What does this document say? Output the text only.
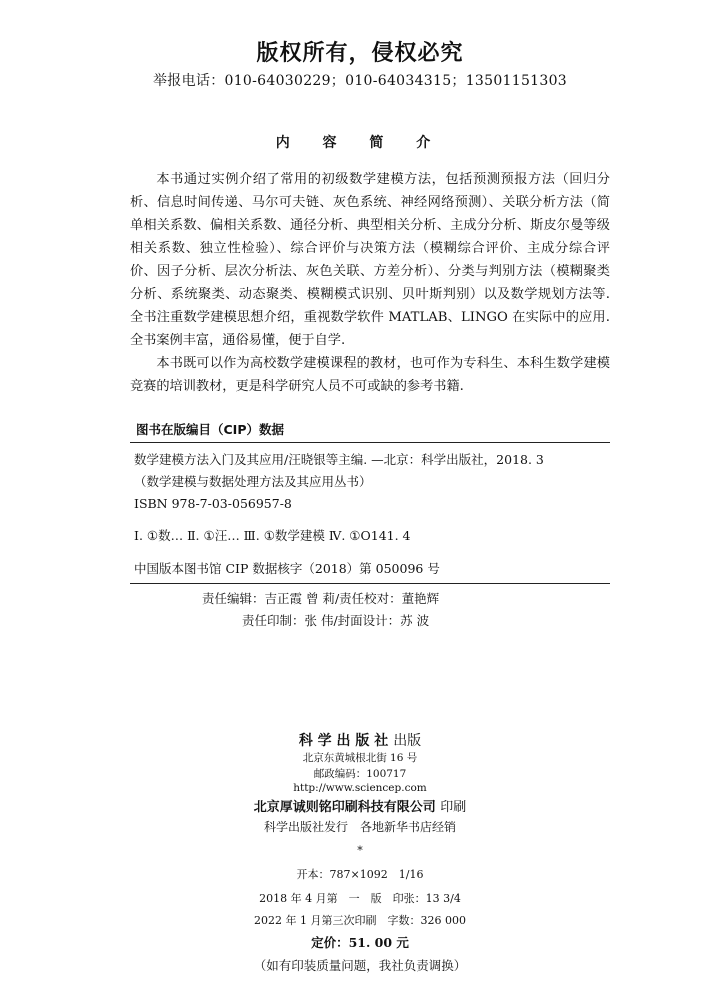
版权所有，侵权必究
举报电话：010-64030229；010-64034315；13501151303
内 容 简 介

本书通过实例介绍了常用的初级数学建模方法，包括预测预报方法（回归分析、信息时间传递、马尔可夫链、灰色系统、神经网络预测）、关联分析方法（简单相关系数、偏相关系数、通径分析、典型相关分析、主成分分析、斯皮尔曼等级相关系数、独立性检验）、综合评价与决策方法（模糊综合评价、主成分综合评价、因子分析、层次分析法、灰色关联、方差分析）、分类与判别方法（模糊聚类分析、系统聚类、动态聚类、模糊模式识别、贝叶斯判别）以及数学规划方法等. 全书注重数学建模思想介绍，重视数学软件 MATLAB、LINGO 在实际中的应用. 全书案例丰富，通俗易懂，便于自学.

本书既可以作为高校数学建模课程的教材，也可作为专科生、本科生数学建模竞赛的培训教材，更是科学研究人员不可或缺的参考书籍.

图书在版编目（CIP）数据
数学建模方法入门及其应用/汪晓银等主编. —北京：科学出版社，2018. 3
（数学建模与数据处理方法及其应用丛书）
ISBN 978-7-03-056957-8
Ⅰ. ①数… Ⅱ. ①汪… Ⅲ. ①数学建模 Ⅳ. ①O141. 4
中国版本图书馆 CIP 数据核字（2018）第 050096 号
责任编辑：吉正霞 曾 莉/责任校对：董艳辉
责任印制：张 伟/封面设计：苏 波
科 学 出 版 社 出版
北京东黄城根北街 16 号
邮政编码：100717
http://www.sciencep.com
北京厚诚则铭印刷科技有限公司 印刷
科学出版社发行　各地新华书店经销
*
开本：787×1092　1/16
2018 年 4 月第　一　版　印张：13 3/4
2022 年 1 月第三次印刷　字数：326 000
定价：51. 00 元
（如有印装质量问题，我社负责调换）
